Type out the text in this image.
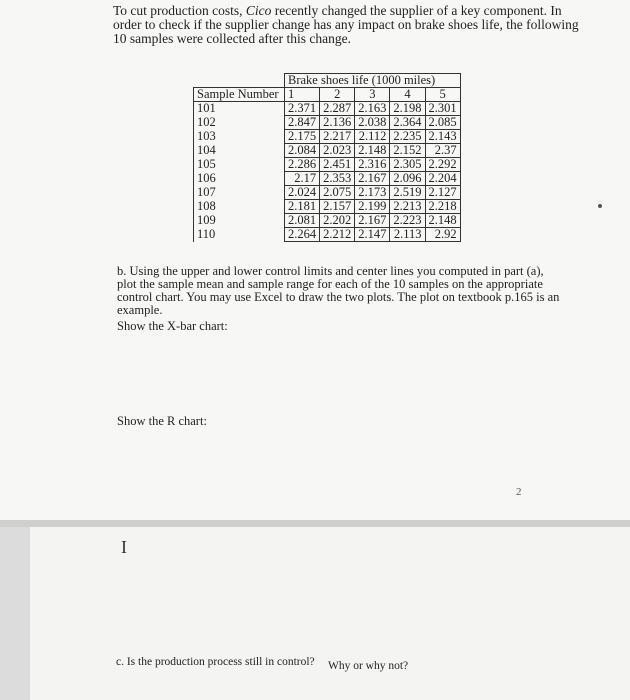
To cut production costs, Cico recently changed the supplier of a key component. In order to check if the supplier change has any impact on brake shoes life, the following 10 samples were collected after this change.
	Brake shoes life (1000 miles)				
Sample Number	1	2	3	4	5
101	2.371	2.287	2.163	2.198	2.301
102	2.847	2.136	2.038	2.364	2.085
103	2.175	2.217	2.112	2.235	2.143
104	2.084	2.023	2.148	2.152	2.37
105	2.286	2.451	2.316	2.305	2.292
106	2.17	2.353	2.167	2.096	2.204
107	2.024	2.075	2.173	2.519	2.127
108	2.181	2.157	2.199	2.213	2.218
109	2.081	2.202	2.167	2.223	2.148
110	2.264	2.212	2.147	2.113	2.92
b. Using the upper and lower control limits and center lines you computed in part (a), plot the sample mean and sample range for each of the 10 samples on the appropriate control chart. You may use Excel to draw the two plots. The plot on textbook p.165 is an example.
Show the X-bar chart:
Show the R chart:
2
I
c. Is the production process still in control? Why or why not?
